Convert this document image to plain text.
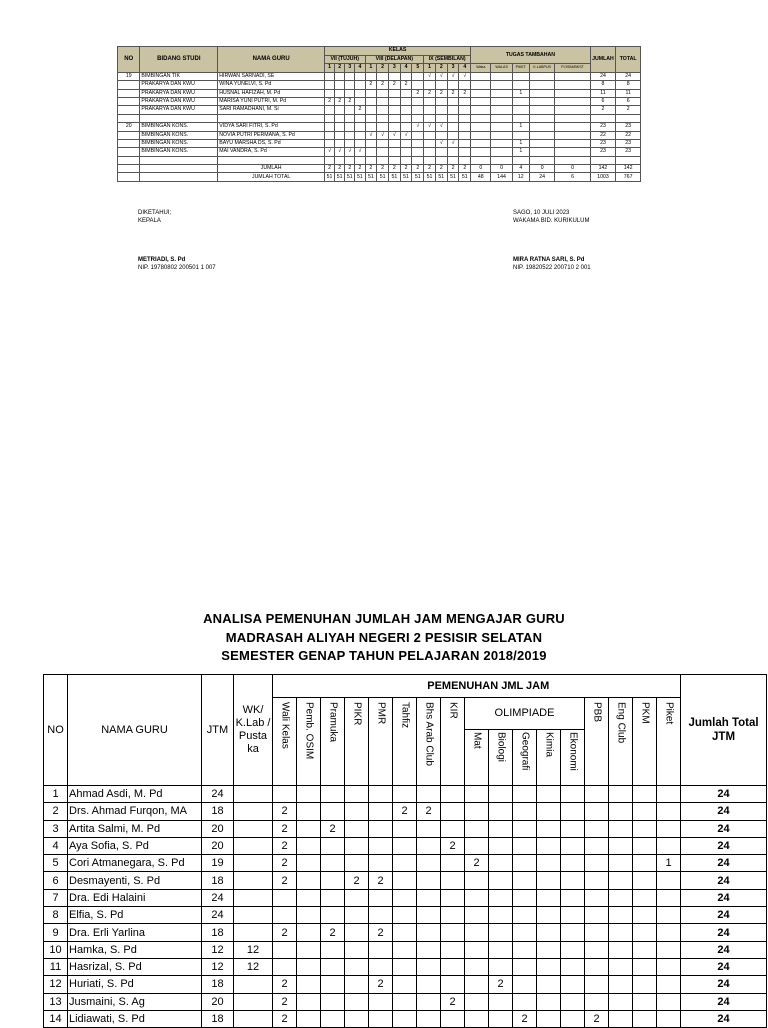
NO	BIDANG STUDI	NAMA GURU	KELAS													TUGAS TAMBAHAN					JUMLAH	TOTAL
			VII (TUJUH)				VIII (DELAPAN)					IX (SEMBILAN)										
			1	2	3	4	1	2	3	4	5	1	2	3	4	Waka	WALAS	PIKET	K.LABPUS	P.OSIM/BKST		
19	BIMBINGAN TIK	HIRWAN SARNADI, SE										√	√	√	√						24	24
	PRAKARYA DAN KWU	WINA YUNELVI, S. Pd					2	2	2	2											8	8
	PRAKARYA DAN KWU	HUSNAL HAFIZAH, M. Pd									2	2	2	2	2			1			11	11
	PRAKARYA DAN KWU	MARISA YUNI PUTRI, M. Pd	2	2	2																6	6
	PRAKARYA DAN KWU	SARI RAMADHANI, M. Si				2															2	2

20	BIMBINGAN KONS.	VIDYA SARI FITRI, S. Pd									√	√	√					1			23	23
	BIMBINGAN KONS.	NOVIA PUTRI PERMANA, S. Pd					√	√	√	√											22	22
	BIMBINGAN KONS.	BAYU MARSHA DS, S. Pd											√	√				1			23	23
	BIMBINGAN KONS.	MAI VANDRA, S. Pd	√	√	√	√												1			23	23

		JUMLAH	2	2	2	2	2	2	2	2	2	2	2	2	2	0	0	4	0	0	142	142
		JUMLAH TOTAL	51	51	51	51	51	51	51	51	51	51	51	51	51	48	144	12	24	6	1003	767
DIKETAHUI;
KEPALA
METRIADI, S. Pd
NIP. 19780802 200501 1 007
SAGO, 10 JULI 2023
WAKAMA BID. KURIKULUM
MIRA RATNA SARI, S. Pd
NIP. 19820522 200710 2 001
ANALISA PEMENUHAN JUMLAH JAM MENGAJAR GURU
MADRASAH ALIYAH NEGERI 2 PESISIR SELATAN
SEMESTER GENAP TAHUN PELAJARAN 2018/2019
NO	NAMA GURU	JTM	WK/ K.Lab / Pusta ka		PEMENUHAN JML JAM																Jumlah Total JTM
				Wali Kelas	Pemb. OSIM	Pramuka	PIKR	PMR	Tahfiz	Bhs Arab Club	KIR	OLIMPIADE					PBB	Eng Club	PKM	Piket	
												Mat	Biologi	Geografi	Kimia	Ekonomi					
1	Ahmad Asdi, M. Pd	24																			24
2	Drs. Ahmad Furqon, MA	18		2					2	2											24
3	Artita Salmi, M. Pd	20		2		2															24
4	Aya Sofia, S. Pd	20		2							2										24
5	Cori Atmanegara, S. Pd	19		2								2								1	24
6	Desmayenti, S. Pd	18		2			2	2													24
7	Dra. Edi Halaini	24																			24
8	Elfia, S. Pd	24																			24
9	Dra. Erli Yarlina	18		2		2		2													24
10	Hamka, S. Pd	12	12																		24
11	Hasrizal, S. Pd	12	12																		24
12	Huriati, S. Pd	18		2				2					2								24
13	Jusmaini, S. Ag	20		2							2										24
14	Lidiawati, S. Pd	18		2										2			2				24
